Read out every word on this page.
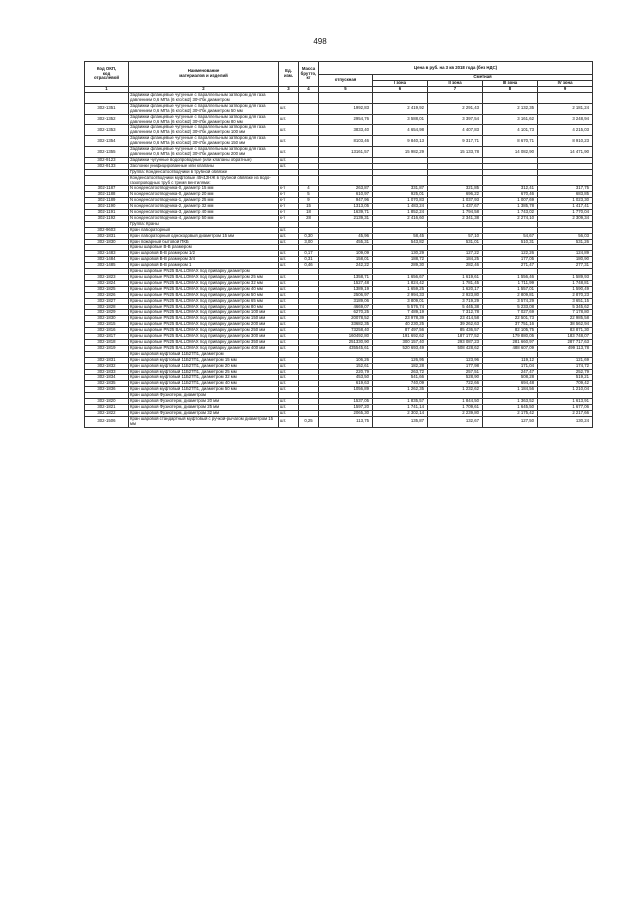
498
Код ОКП,
код
отраслевой	Наименование
материалов и изделий	Ед.
изм.	Масса
брутто,
кг	Цена в руб. на 3 кв 2018 года (без НДС)				
				отпускная	Сметная			
					I зона	II зона	III зона	IV зона
1	2	3	4	5	6	7	8	9
	Задвижки фланцевые чугунные с параллельным затвором для газа давлением 0,6 МПа (6 кгс/см2) 30ч7бк диаметром							
302-1351	Задвижки фланцевые чугунные с параллельным затвором для газа давлением 0,6 МПа (6 кгс/см2) 30ч7бк диаметром 50 мм	шт.		1992,83	2 419,92	2 291,43	2 132,35	2 181,24
302-1352	Задвижки фланцевые чугунные с параллельным затвором для газа давлением 0,6 МПа (6 кгс/см2) 30ч7бк диаметром 80 мм	шт.		2954,76	3 588,01	3 397,54	3 161,62	3 248,94
302-1353	Задвижки фланцевые чугунные с параллельным затвором для газа давлением 0,6 МПа (6 кгс/см2) 30ч7бк диаметром 100 мм	шт.		3833,40	4 654,98	4 407,83	4 101,73	4 215,03
302-1354	Задвижки фланцевые чугунные с параллельным затвором для газа давлением 0,6 МПа (6 кгс/см2) 30ч7бк диаметром 150 мм	шт.		8103,46	9 840,13	9 317,71	8 670,71	8 910,23
302-1355	Задвижки фланцевые чугунные с параллельным затвором для газа давлением 0,6 МПа (6 кгс/см2) 30ч7бк диаметром 200 мм	шт.		13161,57	15 982,29	15 133,78	14 082,90	14 471,90
302-9123	Задвижки чугунные водопроводные (или клапаны обратные)	шт.						
302-9133	Заслонки унифицированные или клапаны	шт.						
	Группа: Конденсатоотводчики в трубной обвязке							
	Конденсатоотводчики муфтовые 45ч12НЖ в трубной обвязке из водо-газопроводных труб с тремя вентилями:							
302-1187	N конденсатоотводчика-0, диаметр 15 мм	к-т	4	263,87	331,87	321,85	312,41	317,75
302-1188	N конденсатоотводчика-0, диаметр 20 мм	к-т	5	610,97	925,01	696,22	670,46	683,85
302-1189	N конденсатоотводчика-1, диаметр 25 мм	к-т	9	947,96	1 070,83	1 037,93	1 007,69	1 023,30
302-1190	N конденсатоотводчика-2, диаметр 32 мм	к-т	15	1313,05	1 483,24	1 437,67	1 385,78	1 417,41
302-1191	N конденсатоотводчика-3, диаметр 40 мм	к-т	18	1639,71	1 852,24	1 794,58	1 743,02	1 770,04
302-1192	N конденсатоотводчика-4, диаметр 50 мм	к-т	28	2139,31	2 416,60	2 341,38	2 274,10	2 309,34
	Группа: Краны							
302-9603	Кран лабораторный	шт.						
302-1831	Кран лабораторный одноходовый диаметром 15 мм	шт.	0,30	45,96	58,45	57,10	54,67	56,03
302-1830	Кран пожарный бытовой ПКБ	шт.	3,00	455,31	543,82	531,01	510,31	531,26
	Краны шаровые В-В размером							
302-1483	Кран шаровой В-В размером 1/2	шт.	0,17	109,09	130,29	127,22	122,26	124,89
302-1484	Кран шаровой В-В размером 3/4	шт.	0,31	158,01	188,72	184,25	177,05	180,90
302-1485	Кран шаровой В-В размером 1	шт.	0,46	242,22	289,30	282,46	271,47	277,31
	Краны шаровые PN25 BALLOMAX под приварку диаметром							
302-1823	Краны шаровые PN25 BALLOMAX под приварку диаметром 25 мм	шт.		1358,71	1 656,67	1 619,61	1 556,46	1 589,93
302-1824	Краны шаровые PN25 BALLOMAX под приварку диаметром 32 мм	шт.		1527,48	1 824,42	1 781,45	1 711,99	1 748,81
302-1825	Краны шаровые PN25 BALLOMAX под приварку диаметром 40 мм	шт.		1389,19	1 659,25	1 620,17	1 557,01	1 590,49
302-1826	Краны шаровые PN25 BALLOMAX под приварку диаметром 50 мм	шт.		2506,97	2 994,33	2 923,80	2 809,81	2 870,23
302-1827	Краны шаровые PN25 BALLOMAX под приварку диаметром 65 мм	шт.		3189,06	3 809,01	3 719,29	3 574,29	3 651,15
302-1828	Краны шаровые PN25 BALLOMAX под приварку диаметром 80 мм	шт.		4669,07	5 576,74	5 445,38	5 233,08	5 345,62
302-1829	Краны шаровые PN25 BALLOMAX под приварку диаметром 100 мм	шт.		6270,25	7 489,19	7 312,78	7 027,69	7 178,80
302-1830	Краны шаровые PN25 BALLOMAX под приварку диаметром 150 мм	шт.		20078,52	23 978,39	23 414,58	22 501,73	22 985,58
302-1815	Краны шаровые PN25 BALLOMAX под приварку диаметром 200 мм	шт.		33682,35	40 230,25	39 262,63	37 751,16	38 562,94
302-1816	Краны шаровые PN25 BALLOMAX под приварку диаметром 250 мм	шт.		73258,40	87 497,56	85 436,57	82 105,75	83 871,30
302-1817	Краны шаровые PN25 BALLOMAX под приварку диаметром 300 мм	шт.		160492,80	191 692,62	187 177,52	179 880,05	183 748,07
302-1818	Краны шаровые PN25 BALLOMAX под приварку диаметром 350 мм	шт.		251330,90	300 157,40	293 087,23	281 660,97	287 717,63
302-1819	Краны шаровые PN25 BALLOMAX под приварку диаметром 400 мм	шт.		435545,61	520 693,49	508 428,62	488 607,09	499 113,78
	Кран шаровой муфтовый 11Б27П1, диаметром							
302-1831	Кран шаровой муфтовый 11Б27П1, диаметром 15 мм	шт.		106,26	126,95	123,96	119,12	121,69
302-1832	Кран шаровой муфтовый 11Б27П1, диаметром 20 мм	шт.		152,61	182,28	177,98	171,04	174,72
302-1833	Кран шаровой муфтовый 11Б27П1, диаметром 25 мм	шт.		220,79	263,72	257,51	247,47	252,79
302-1834	Кран шаровой муфтовый 11Б27П1, диаметром 32 мм	шт.		453,50	541,66	528,90	508,28	519,21
302-1835	Кран шаровой муфтовый 11Б27П1, диаметром 40 мм	шт.		619,63	740,09	722,66	694,48	709,42
302-1836	Кран шаровой муфтовый 11Б27П1, диаметром 50 мм	шт.		1056,89	1 262,35	1 232,62	1 184,56	1 210,04
	Кран шаровой Фузиотерм, диаметром							
302-1820	Кран шаровой Фузиотерм, диаметром 20 мм	шт.		1537,05	1 835,57	1 844,50	1 363,52	1 613,91
302-1821	Кран шаровой Фузиотерм, диаметром 25 мм	шт.		1597,20	1 741,14	1 709,61	1 645,50	1 677,06
302-1822	Кран шаровой Фузиотерм, диаметром 32 мм	шт.		2065,30	2 302,14	2 239,80	2 175,42	2 217,66
302-1506	Кран шаровой стандартный муфтовый с ручкой-рычагом диаметром 15 мм	шт.	0,25	113,75	135,87	132,67	127,50	130,24
